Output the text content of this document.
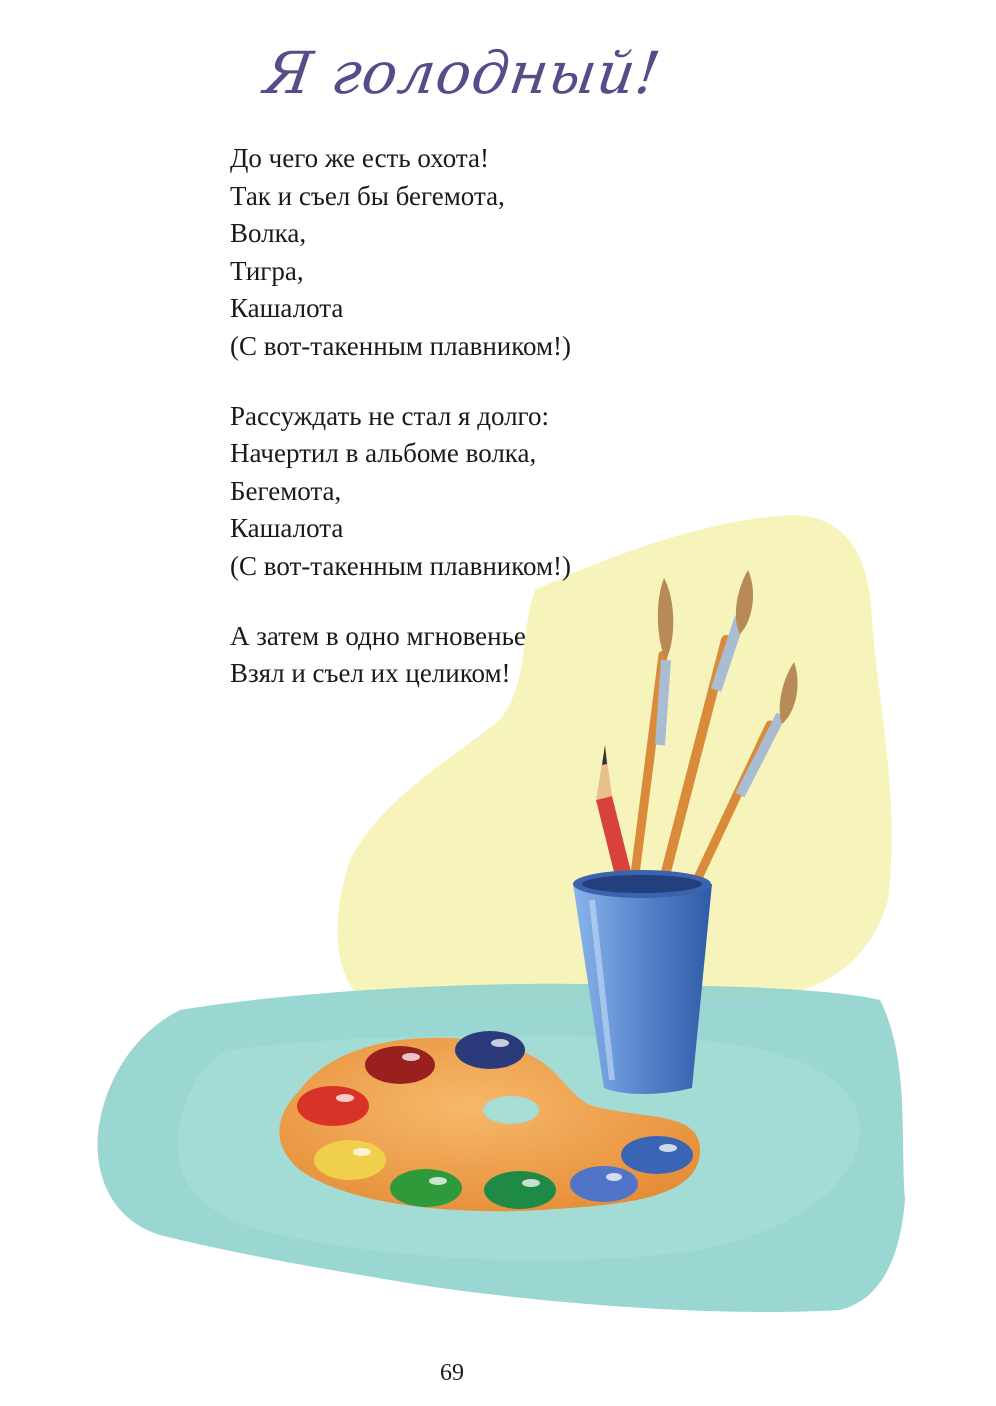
Я голодный!
До чего же есть охота!
Так и съел бы бегемота,
Волка,
Тигра,
Кашалота
(С вот-такенным плавником!)
Рассуждать не стал я долго:
Начертил в альбоме волка,
Бегемота,
Кашалота
(С вот-такенным плавником!)
А затем в одно мгновенье
Взял и съел их целиком!
69
